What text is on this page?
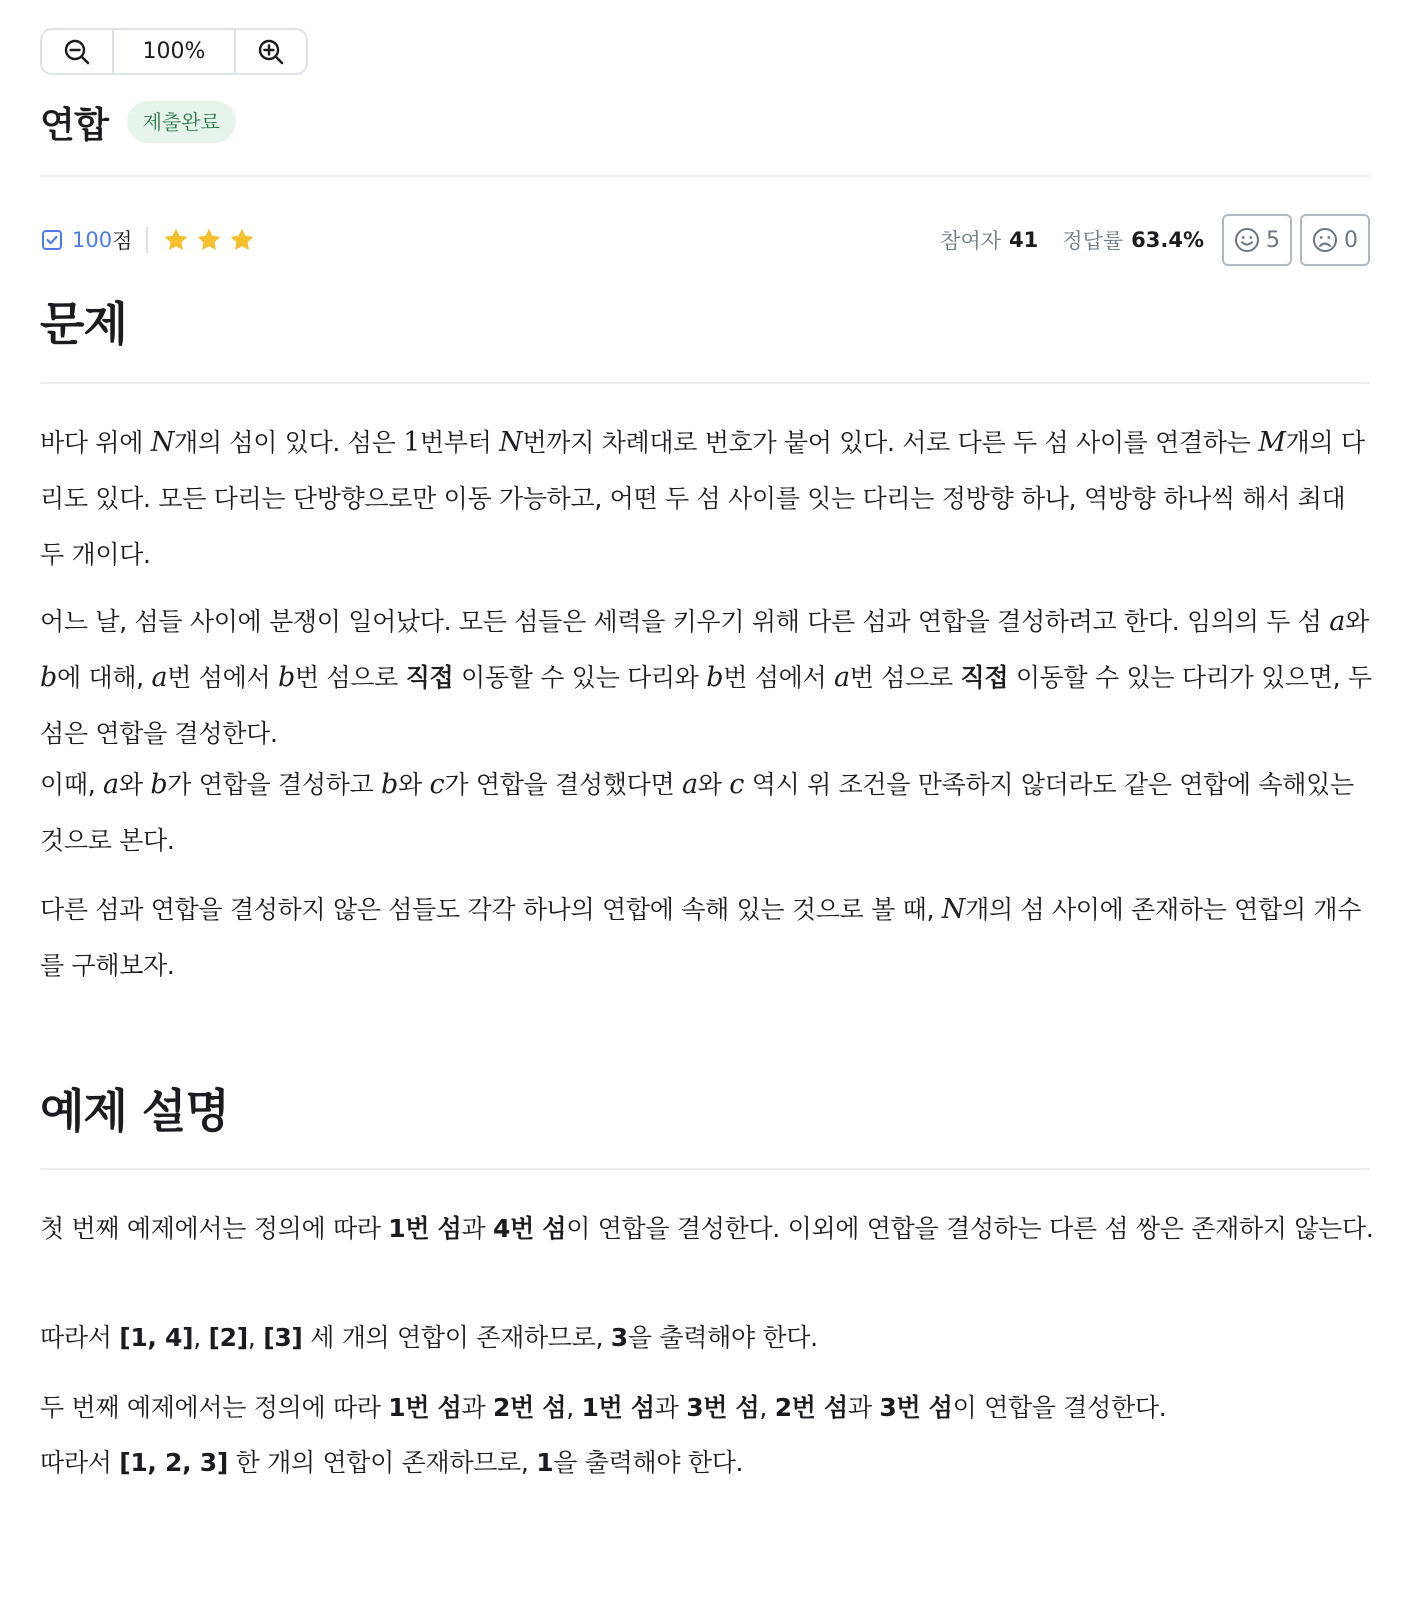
100%
연합	제출완료
100 점	참여자 41 정답률 63.4%	5	0
문제

바다 위에 N개의 섬이 있다. 섬은 1번부터 N번까지 차례대로 번호가 붙어 있다. 서로 다른 두 섬 사이를 연결하는 M개의 다리도 있다. 모든 다리는 단방향으로만 이동 가능하고, 어떤 두 섬 사이를 잇는 다리는 정방향 하나, 역방향 하나씩 해서 최대 두 개이다.

어느 날, 섬들 사이에 분쟁이 일어났다. 모든 섬들은 세력을 키우기 위해 다른 섬과 연합을 결성하려고 한다. 임의의 두 섬 a와 b에 대해, a번 섬에서 b번 섬으로 직접 이동할 수 있는 다리와 b번 섬에서 a번 섬으로 직접 이동할 수 있는 다리가 있으면, 두 섬은 연합을 결성한다.

이때, a와 b가 연합을 결성하고 b와 c가 연합을 결성했다면 a와 c 역시 위 조건을 만족하지 않더라도 같은 연합에 속해있는 것으로 본다.

다른 섬과 연합을 결성하지 않은 섬들도 각각 하나의 연합에 속해 있는 것으로 볼 때, N개의 섬 사이에 존재하는 연합의 개수를 구해보자.

예제 설명

첫 번째 예제에서는 정의에 따라 1번 섬과 4번 섬이 연합을 결성한다. 이외에 연합을 결성하는 다른 섬 쌍은 존재하지 않는다.

따라서 [1, 4], [2], [3] 세 개의 연합이 존재하므로, 3을 출력해야 한다.

두 번째 예제에서는 정의에 따라 1번 섬과 2번 섬, 1번 섬과 3번 섬, 2번 섬과 3번 섬이 연합을 결성한다.

따라서 [1, 2, 3] 한 개의 연합이 존재하므로, 1을 출력해야 한다.
